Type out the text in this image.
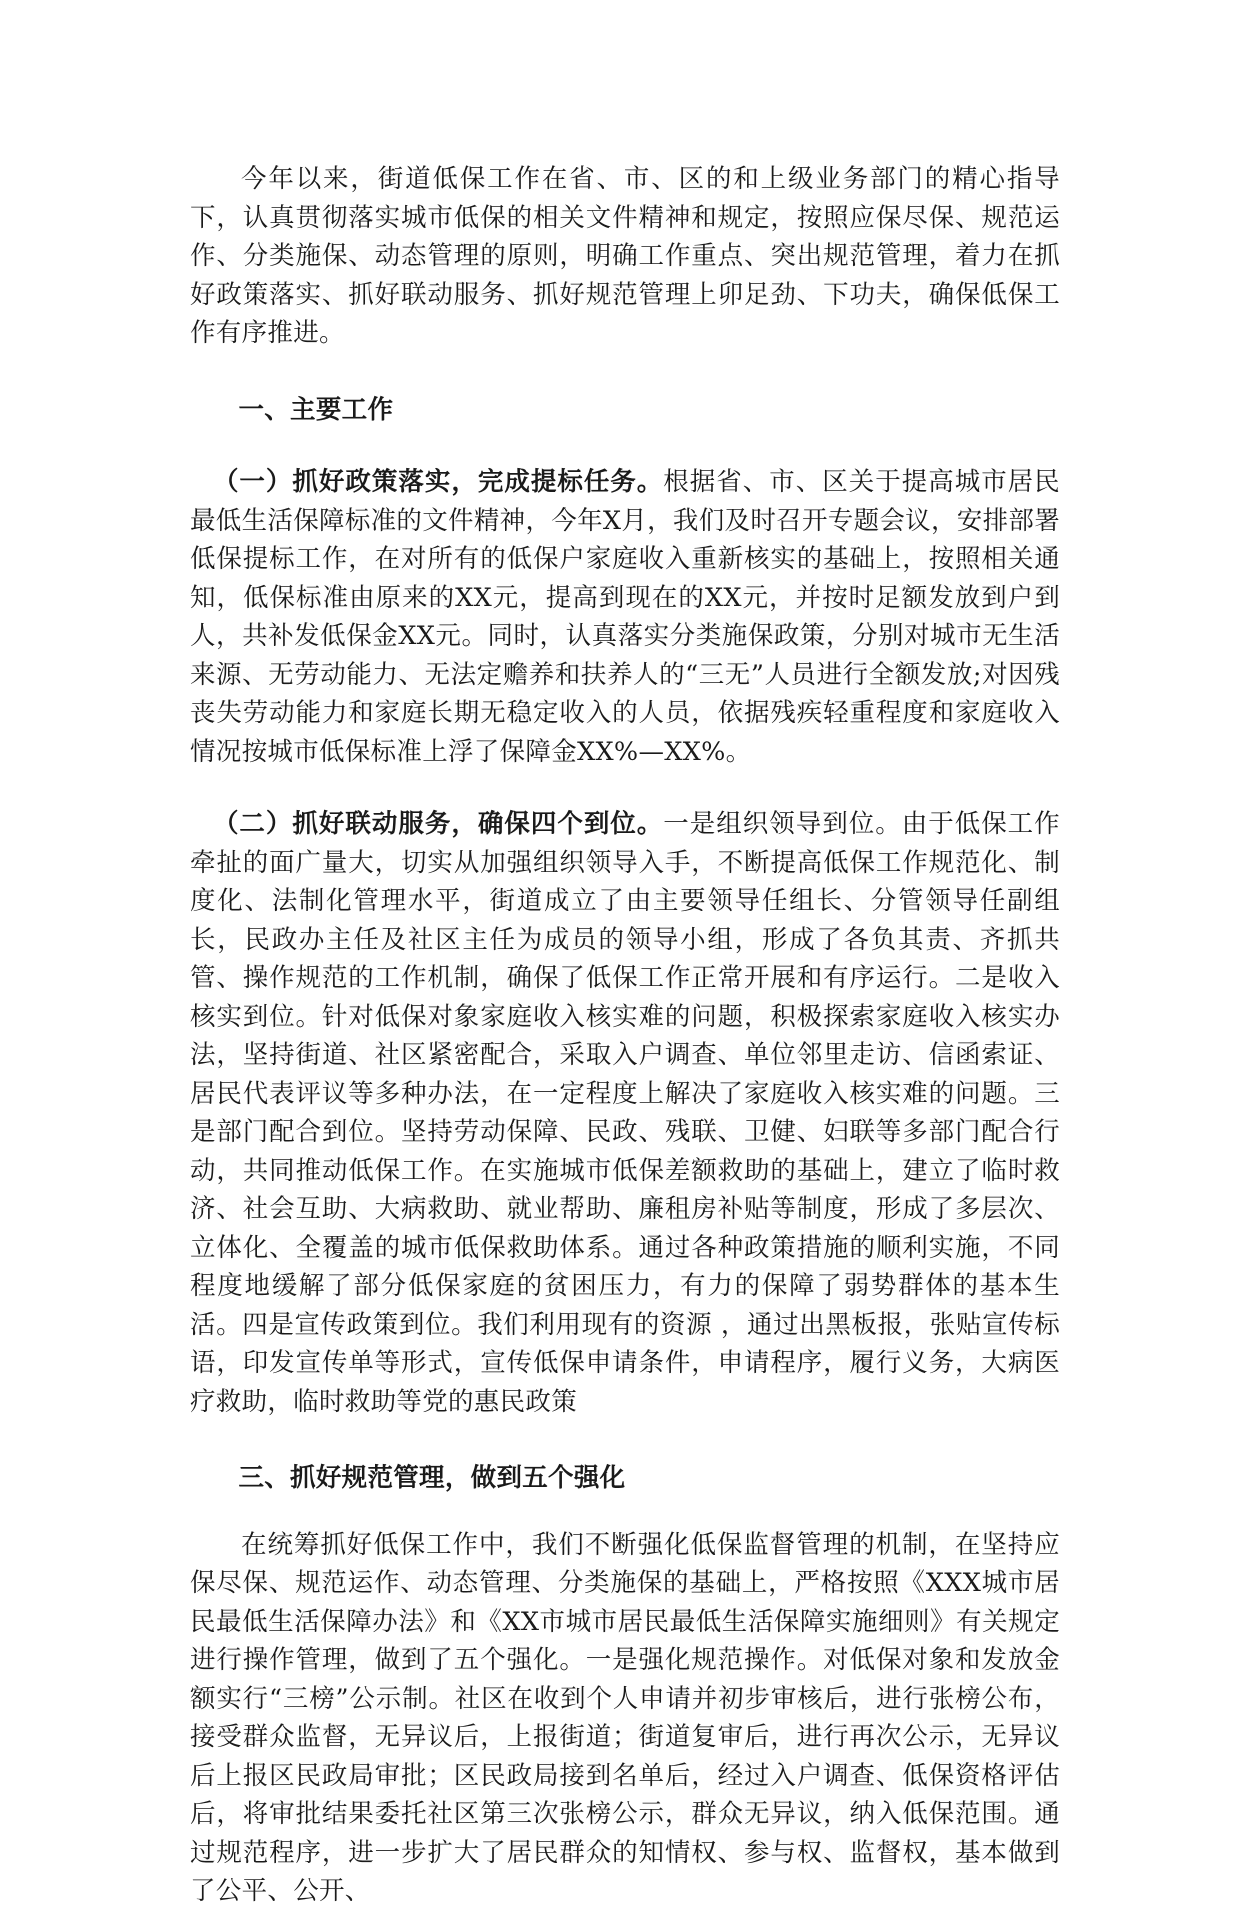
今年以来，街道低保工作在省、市、区的和上级业务部门的精心指导下，认真贯彻落实城市低保的相关文件精神和规定，按照应保尽保、规范运作、分类施保、动态管理的原则，明确工作重点、突出规范管理，着力在抓好政策落实、抓好联动服务、抓好规范管理上卯足劲、下功夫，确保低保工作有序推进。

一、主要工作

（一）抓好政策落实，完成提标任务。根据省、市、区关于提高城市居民最低生活保障标准的文件精神，今年X月，我们及时召开专题会议，安排部署低保提标工作，在对所有的低保户家庭收入重新核实的基础上，按照相关通知，低保标准由原来的XX元，提高到现在的XX元，并按时足额发放到户到人，共补发低保金XX元。同时，认真落实分类施保政策，分别对城市无生活来源、无劳动能力、无法定赡养和扶养人的“三无”人员进行全额发放;对因残丧失劳动能力和家庭长期无稳定收入的人员，依据残疾轻重程度和家庭收入情况按城市低保标准上浮了保障金XX%—XX%。

（二）抓好联动服务，确保四个到位。一是组织领导到位。由于低保工作牵扯的面广量大，切实从加强组织领导入手，不断提高低保工作规范化、制度化、法制化管理水平，街道成立了由主要领导任组长、分管领导任副组长，民政办主任及社区主任为成员的领导小组，形成了各负其责、齐抓共管、操作规范的工作机制，确保了低保工作正常开展和有序运行。二是收入核实到位。针对低保对象家庭收入核实难的问题，积极探索家庭收入核实办法，坚持街道、社区紧密配合，采取入户调查、单位邻里走访、信函索证、居民代表评议等多种办法，在一定程度上解决了家庭收入核实难的问题。三是部门配合到位。坚持劳动保障、民政、残联、卫健、妇联等多部门配合行动，共同推动低保工作。在实施城市低保差额救助的基础上，建立了临时救济、社会互助、大病救助、就业帮助、廉租房补贴等制度，形成了多层次、立体化、全覆盖的城市低保救助体系。通过各种政策措施的顺利实施，不同程度地缓解了部分低保家庭的贫困压力，有力的保障了弱势群体的基本生活。四是宣传政策到位。我们利用现有的资源 ，通过出黑板报，张贴宣传标语，印发宣传单等形式，宣传低保申请条件，申请程序，履行义务，大病医疗救助，临时救助等党的惠民政策

三、抓好规范管理，做到五个强化

在统筹抓好低保工作中，我们不断强化低保监督管理的机制，在坚持应保尽保、规范运作、动态管理、分类施保的基础上，严格按照《XXX城市居民最低生活保障办法》和《XX市城市居民最低生活保障实施细则》有关规定进行操作管理，做到了五个强化。一是强化规范操作。对低保对象和发放金额实行“三榜”公示制。社区在收到个人申请并初步审核后，进行张榜公布，接受群众监督，无异议后，上报街道；街道复审后，进行再次公示，无异议后上报区民政局审批；区民政局接到名单后，经过入户调查、低保资格评估后，将审批结果委托社区第三次张榜公示，群众无异议，纳入低保范围。通过规范程序，进一步扩大了居民群众的知情权、参与权、监督权，基本做到了公平、公开、
